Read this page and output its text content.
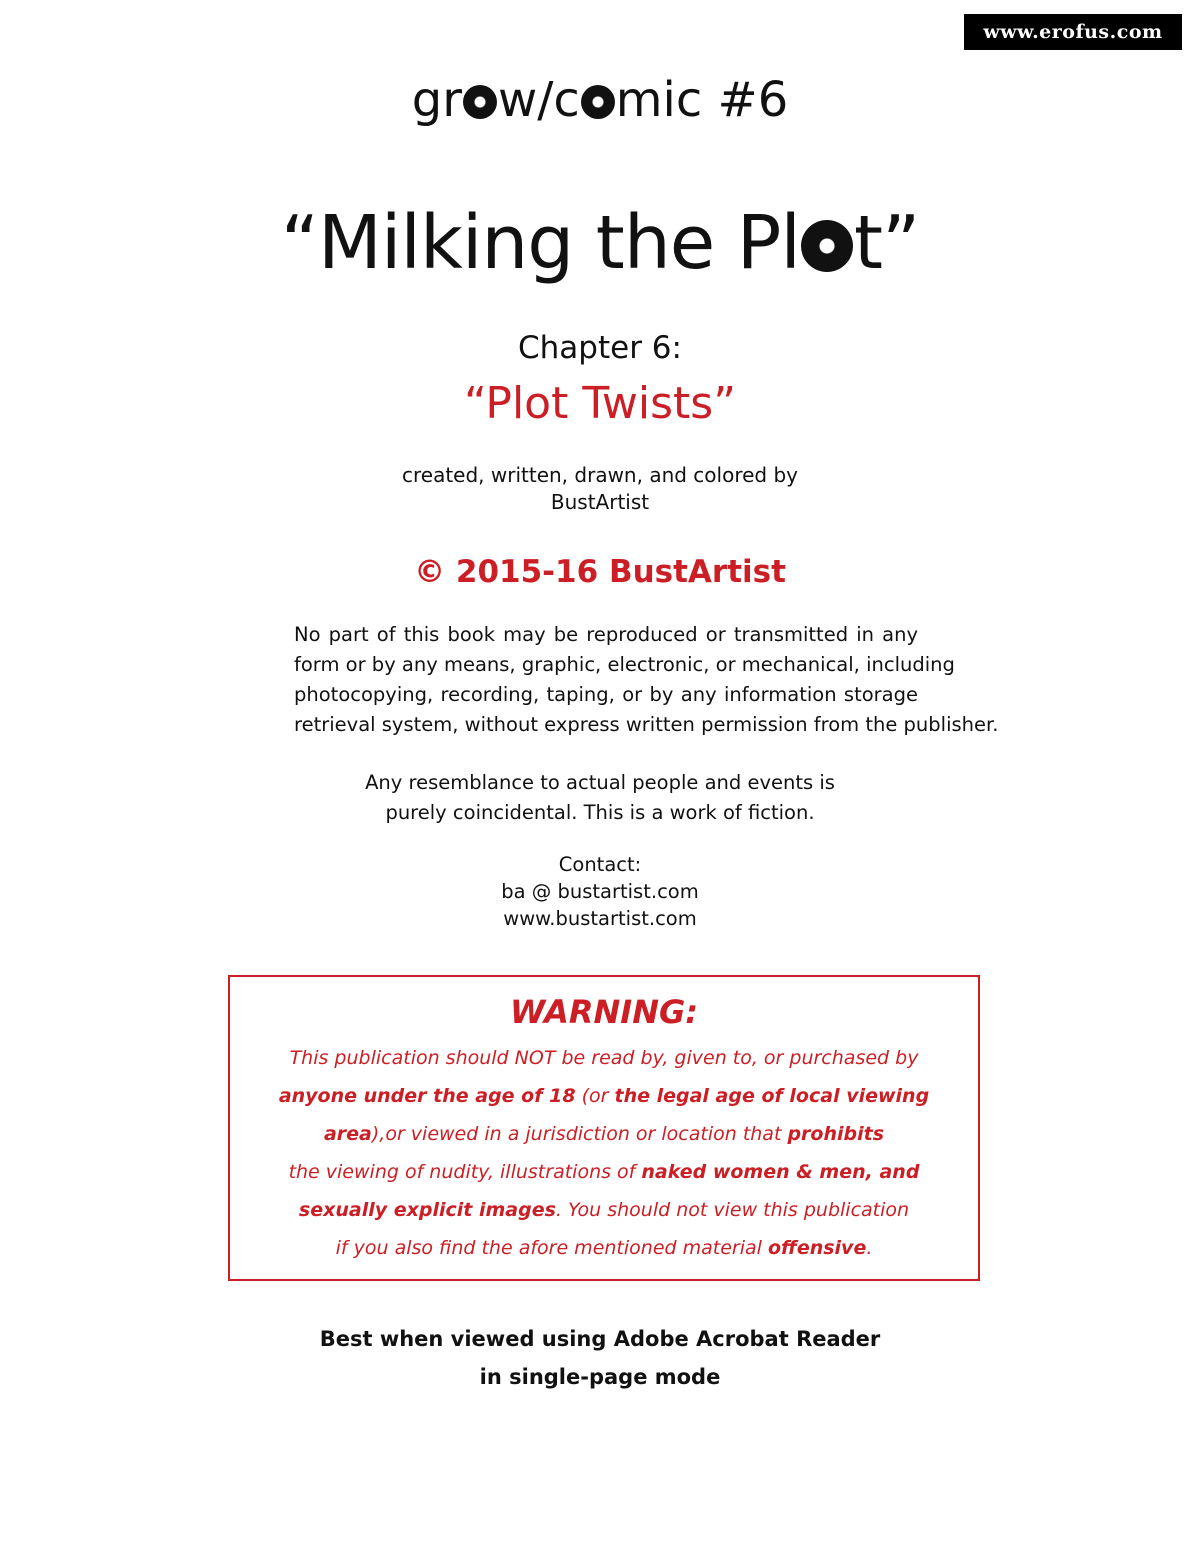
www.erofus.com
gr w/c mic #6
“Milking the Pl t”
Chapter 6:
“Plot Twists”
created, written, drawn, and colored by
BustArtist
© 2015-16 BustArtist
No part of this book may be reproduced or transmitted in any
form or by any means, graphic, electronic, or mechanical, including
photocopying, recording, taping, or by any information storage
retrieval system, without express written permission from the publisher.
Any resemblance to actual people and events is
purely coincidental. This is a work of fiction.
Contact:
ba @ bustartist.com
www.bustartist.com
WARNING:
This publication should NOT be read by, given to, or purchased by
anyone under the age of 18 (or the legal age of local viewing
area),or viewed in a jurisdiction or location that prohibits
the viewing of nudity, illustrations of naked women & men, and
sexually explicit images. You should not view this publication
if you also find the afore mentioned material offensive.
Best when viewed using Adobe Acrobat Reader
in single-page mode
